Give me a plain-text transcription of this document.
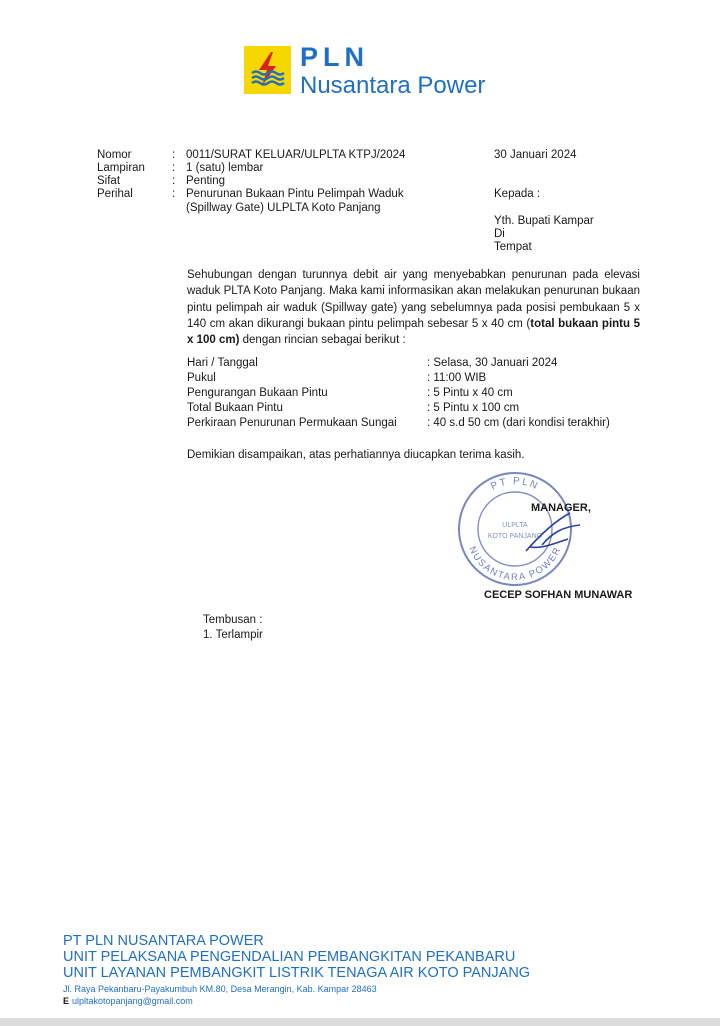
PLN
Nusantara Power
Nomor	: 0011/SURAT KELUAR/ULPLTA KTPJ/2024
Lampiran : 1 (satu) lembar
Sifat	: Penting
Perihal	: Penurunan Bukaan Pintu Pelimpah Waduk
(Spillway Gate) ULPLTA Koto Panjang
30 Januari 2024
Kepada :
Yth. Bupati Kampar
Di
Tempat
Sehubungan dengan turunnya debit air yang menyebabkan penurunan pada elevasi waduk PLTA Koto Panjang. Maka kami informasikan akan melakukan penurunan bukaan pintu pelimpah air waduk (Spillway gate) yang sebelumnya pada posisi pembukaan 5 x 140 cm akan dikurangi bukaan pintu pelimpah sebesar 5 x 40 cm (total bukaan pintu 5 x 100 cm) dengan rincian sebagai berikut :
Hari / Tanggal	: Selasa, 30 Januari 2024
Pukul	: 11:00 WIB
Pengurangan Bukaan Pintu	: 5 Pintu x 40 cm
Total Bukaan Pintu	: 5 Pintu x 100 cm
Perkiraan Penurunan Permukaan Sungai	: 40 s.d 50 cm (dari kondisi terakhir)
Demikian disampaikan, atas perhatiannya diucapkan terima kasih.
PT PLN
NUSANTARA POWER
ULPLTA
KOTO PANJANG
MANAGER,
CECEP SOFHAN MUNAWAR
Tembusan :
1. Terlampir
PT PLN NUSANTARA POWER
UNIT PELAKSANA PENGENDALIAN PEMBANGKITAN PEKANBARU
UNIT LAYANAN PEMBANGKIT LISTRIK TENAGA AIR KOTO PANJANG
Jl. Raya Pekanbaru-Payakumbuh KM.80, Desa Merangin, Kab. Kampar 28463
E ulpltakotopanjang@gmail.com
